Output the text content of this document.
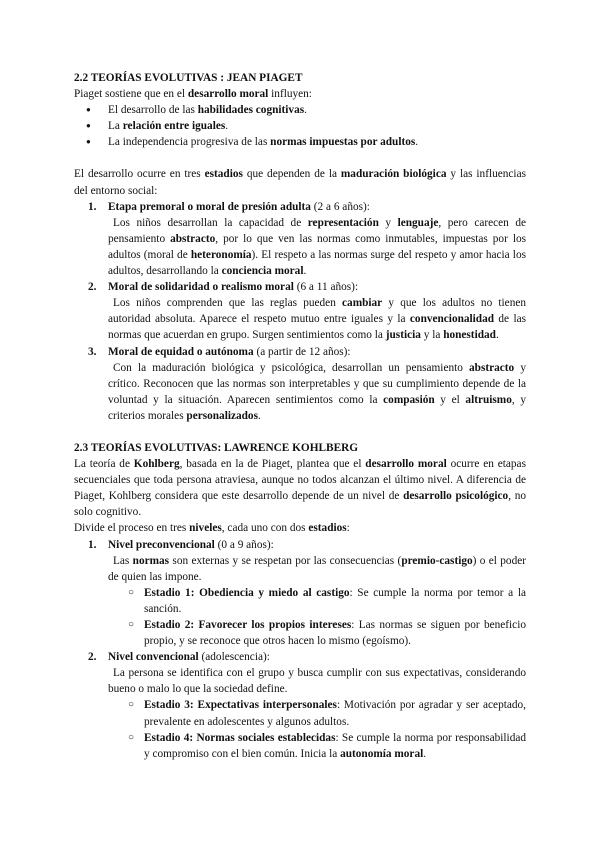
2.2 TEORÍAS EVOLUTIVAS : JEAN PIAGET

Piaget sostiene que en el desarrollo moral influyen:

● El desarrollo de las habilidades cognitivas.
● La relación entre iguales.
● La independencia progresiva de las normas impuestas por adultos.

El desarrollo ocurre en tres estadios que dependen de la maduración biológica y las influencias del entorno social:

1. Etapa premoral o moral de presión adulta (2 a 6 años):

Los niños desarrollan la capacidad de representación y lenguaje, pero carecen de pensamiento abstracto, por lo que ven las normas como inmutables, impuestas por los adultos (moral de heteronomía). El respeto a las normas surge del respeto y amor hacia los adultos, desarrollando la conciencia moral.

2. Moral de solidaridad o realismo moral (6 a 11 años):

Los niños comprenden que las reglas pueden cambiar y que los adultos no tienen autoridad absoluta. Aparece el respeto mutuo entre iguales y la convencionalidad de las normas que acuerdan en grupo. Surgen sentimientos como la justicia y la honestidad.

3. Moral de equidad o autónoma (a partir de 12 años):

Con la maduración biológica y psicológica, desarrollan un pensamiento abstracto y crítico. Reconocen que las normas son interpretables y que su cumplimiento depende de la voluntad y la situación. Aparecen sentimientos como la compasión y el altruismo, y criterios morales personalizados.

2.3 TEORÍAS EVOLUTIVAS: LAWRENCE KOHLBERG

La teoría de Kohlberg, basada en la de Piaget, plantea que el desarrollo moral ocurre en etapas secuenciales que toda persona atraviesa, aunque no todos alcanzan el último nivel. A diferencia de Piaget, Kohlberg considera que este desarrollo depende de un nivel de desarrollo psicológico, no solo cognitivo.

Divide el proceso en tres niveles, cada uno con dos estadios:

1. Nivel preconvencional (0 a 9 años):

Las normas son externas y se respetan por las consecuencias (premio-castigo) o el poder de quien las impone.

○ Estadio 1: Obediencia y miedo al castigo: Se cumple la norma por temor a la sanción.
○ Estadio 2: Favorecer los propios intereses: Las normas se siguen por beneficio propio, y se reconoce que otros hacen lo mismo (egoísmo).
2. Nivel convencional (adolescencia):

La persona se identifica con el grupo y busca cumplir con sus expectativas, considerando bueno o malo lo que la sociedad define.

○ Estadio 3: Expectativas interpersonales: Motivación por agradar y ser aceptado, prevalente en adolescentes y algunos adultos.
○ Estadio 4: Normas sociales establecidas: Se cumple la norma por responsabilidad y compromiso con el bien común. Inicia la autonomía moral.
